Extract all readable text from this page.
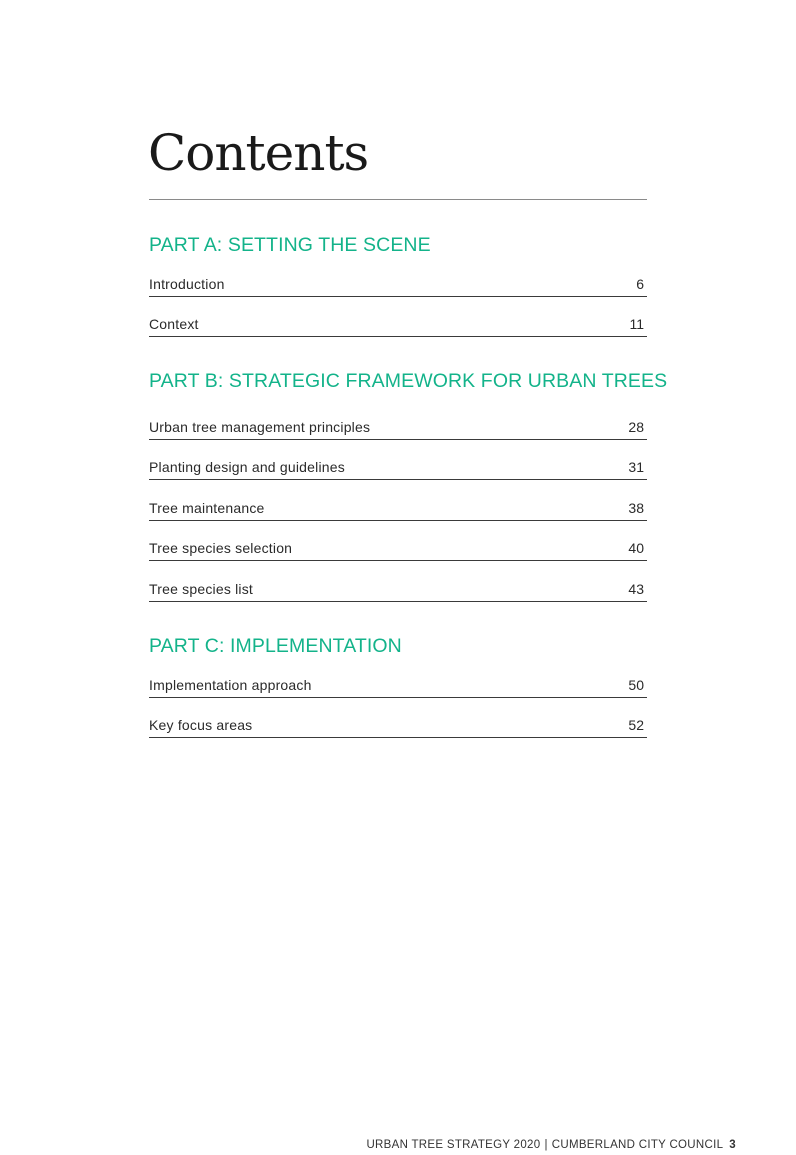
Contents
PART A: SETTING THE SCENE
Introduction	6
Context	11
PART B: STRATEGIC FRAMEWORK FOR URBAN TREES
Urban tree management principles	28
Planting design and guidelines	31
Tree maintenance	38
Tree species selection	40
Tree species list	43
PART C: IMPLEMENTATION
Implementation approach	50
Key focus areas	52
URBAN TREE STRATEGY 2020 | CUMBERLAND CITY COUNCIL 3
